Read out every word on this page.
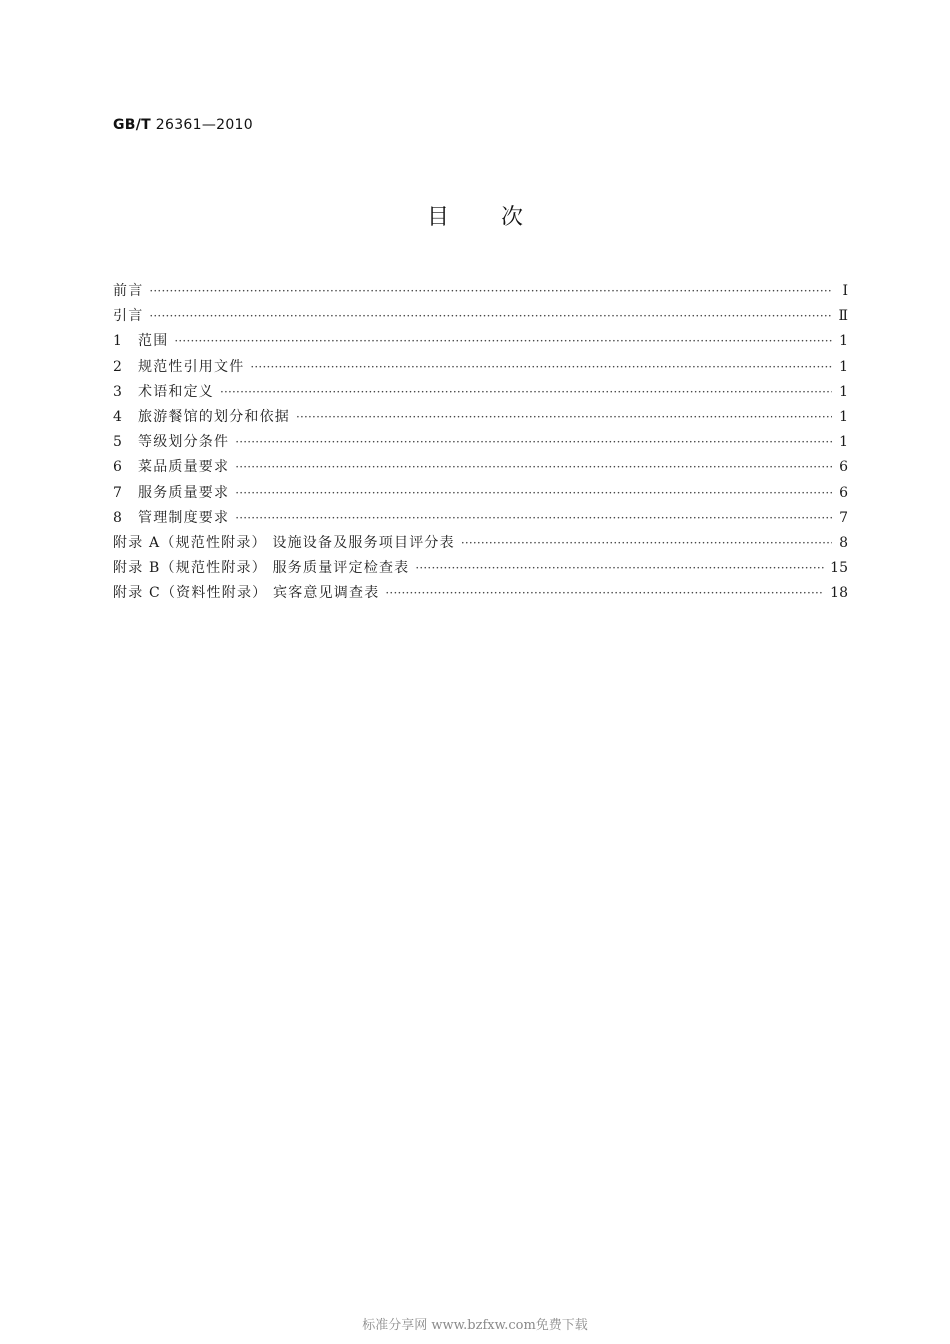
GB/T 26361—2010
目次
前言 ·····	Ⅰ
引言 ·····	Ⅱ
1	范围 ·····	1
2	规范性引用文件 ·····	1
3	术语和定义 ·····	1
4	旅游餐馆的划分和依据 ·····	1
5	等级划分条件 ·····	1
6	菜品质量要求 ·····	6
7	服务质量要求 ·····	6
8	管理制度要求 ·····	7
附录 A（规范性附录） 设施设备及服务项目评分表 ·····	8
附录 B（规范性附录） 服务质量评定检查表 ·····	15
附录 C（资料性附录） 宾客意见调查表 ·····	18
标准分享网 www.bzfxw.com免费下载
